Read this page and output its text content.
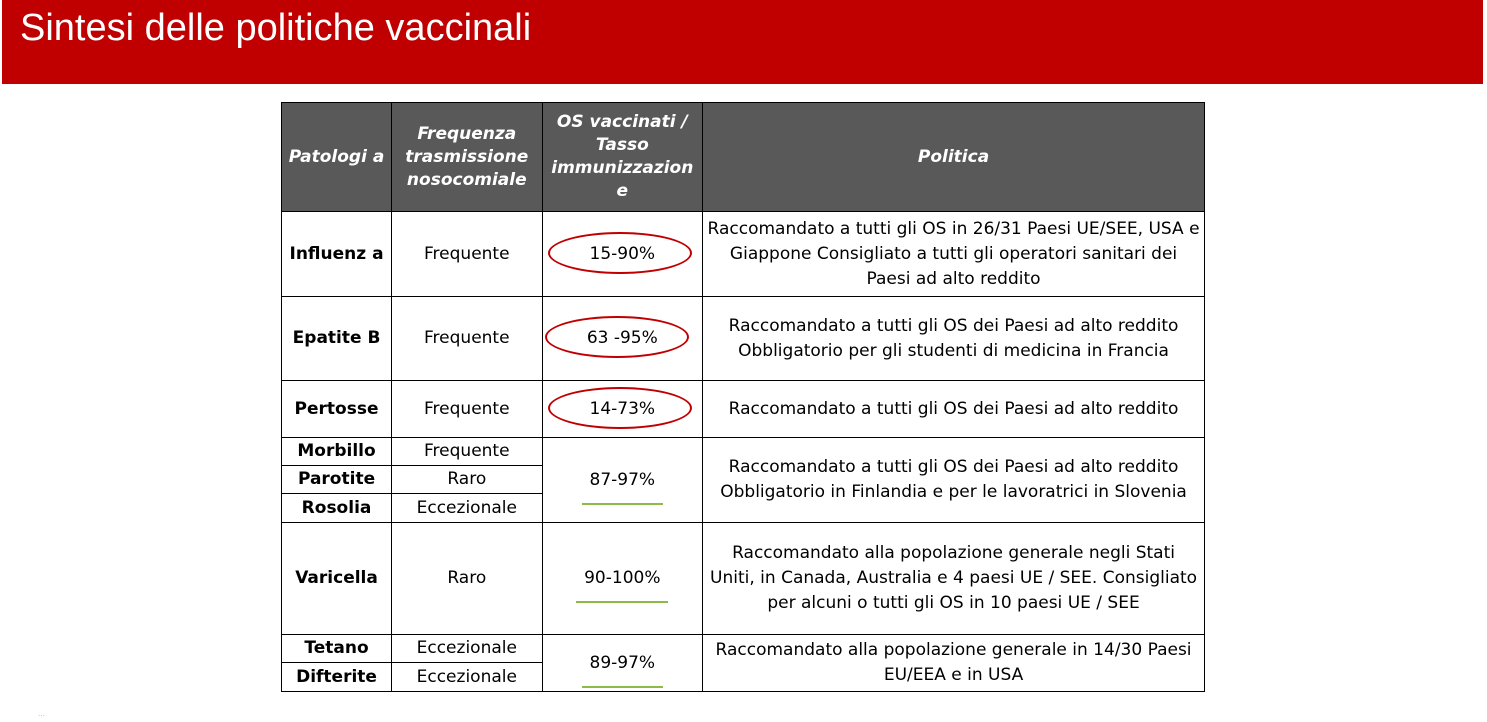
Sintesi delle politiche vaccinali
Patologi a	Frequenza trasmissione nosocomiale	OS vaccinati / Tasso immunizzazion e	Politica
Influenz a	Frequente	15-90%	Raccomandato a tutti gli OS in 26/31 Paesi UE/SEE, USA e Giappone Consigliato a tutti gli operatori sanitari dei Paesi ad alto reddito
Epatite B	Frequente	63 -95%	Raccomandato a tutti gli OS dei Paesi ad alto reddito Obbligatorio per gli studenti di medicina in Francia
Pertosse	Frequente	14-73%	Raccomandato a tutti gli OS dei Paesi ad alto reddito
Morbillo	Frequente	87-97%	Raccomandato a tutti gli OS dei Paesi ad alto reddito Obbligatorio in Finlandia e per le lavoratrici in Slovenia
Parotite	Raro		
Rosolia	Eccezionale		
Varicella	Raro	90-100%	Raccomandato alla popolazione generale negli Stati Uniti, in Canada, Australia e 4 paesi UE / SEE. Consigliato per alcuni o tutti gli OS in 10 paesi UE / SEE
Tetano	Eccezionale	89-97%	Raccomandato alla popolazione generale in 14/30 Paesi EU/EEA e in USA
Difterite	Eccezionale		
⋯
